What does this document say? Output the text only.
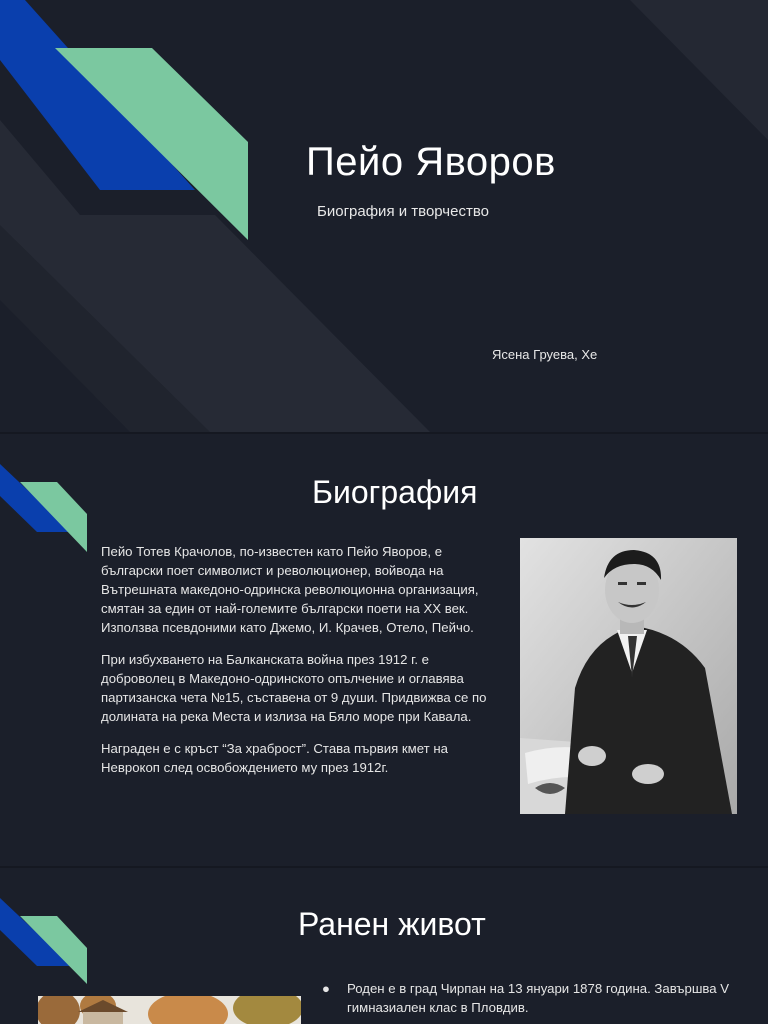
Пейо Яворов
Биография и творчество
Ясена Груева, Хе
Биография

Пейо Тотев Крачолов, по-известен като Пейо Яворов, е български поет символист и революционер, войвода на Вътрешната македоно-одринска революционна организация, смятан за един от най-големите български поети на XX век. Използва псевдоними като Джемо, И. Крачев, Отело, Пейчо.

При избухването на Балканската война през 1912 г. е доброволец в Македоно-одринското опълчение и оглавява партизанска чета №15, съставена от 9 души. Придвижва се по долината на река Места и излиза на Бяло море при Кавала.

Награден е с кръст “За храброст”. Става първия кмет на Неврокоп след освобождението му през 1912г.

Ранен живот
● Роден е в град Чирпан на 13 януари 1878 година. Завършва V гимназиален клас в Пловдив.
